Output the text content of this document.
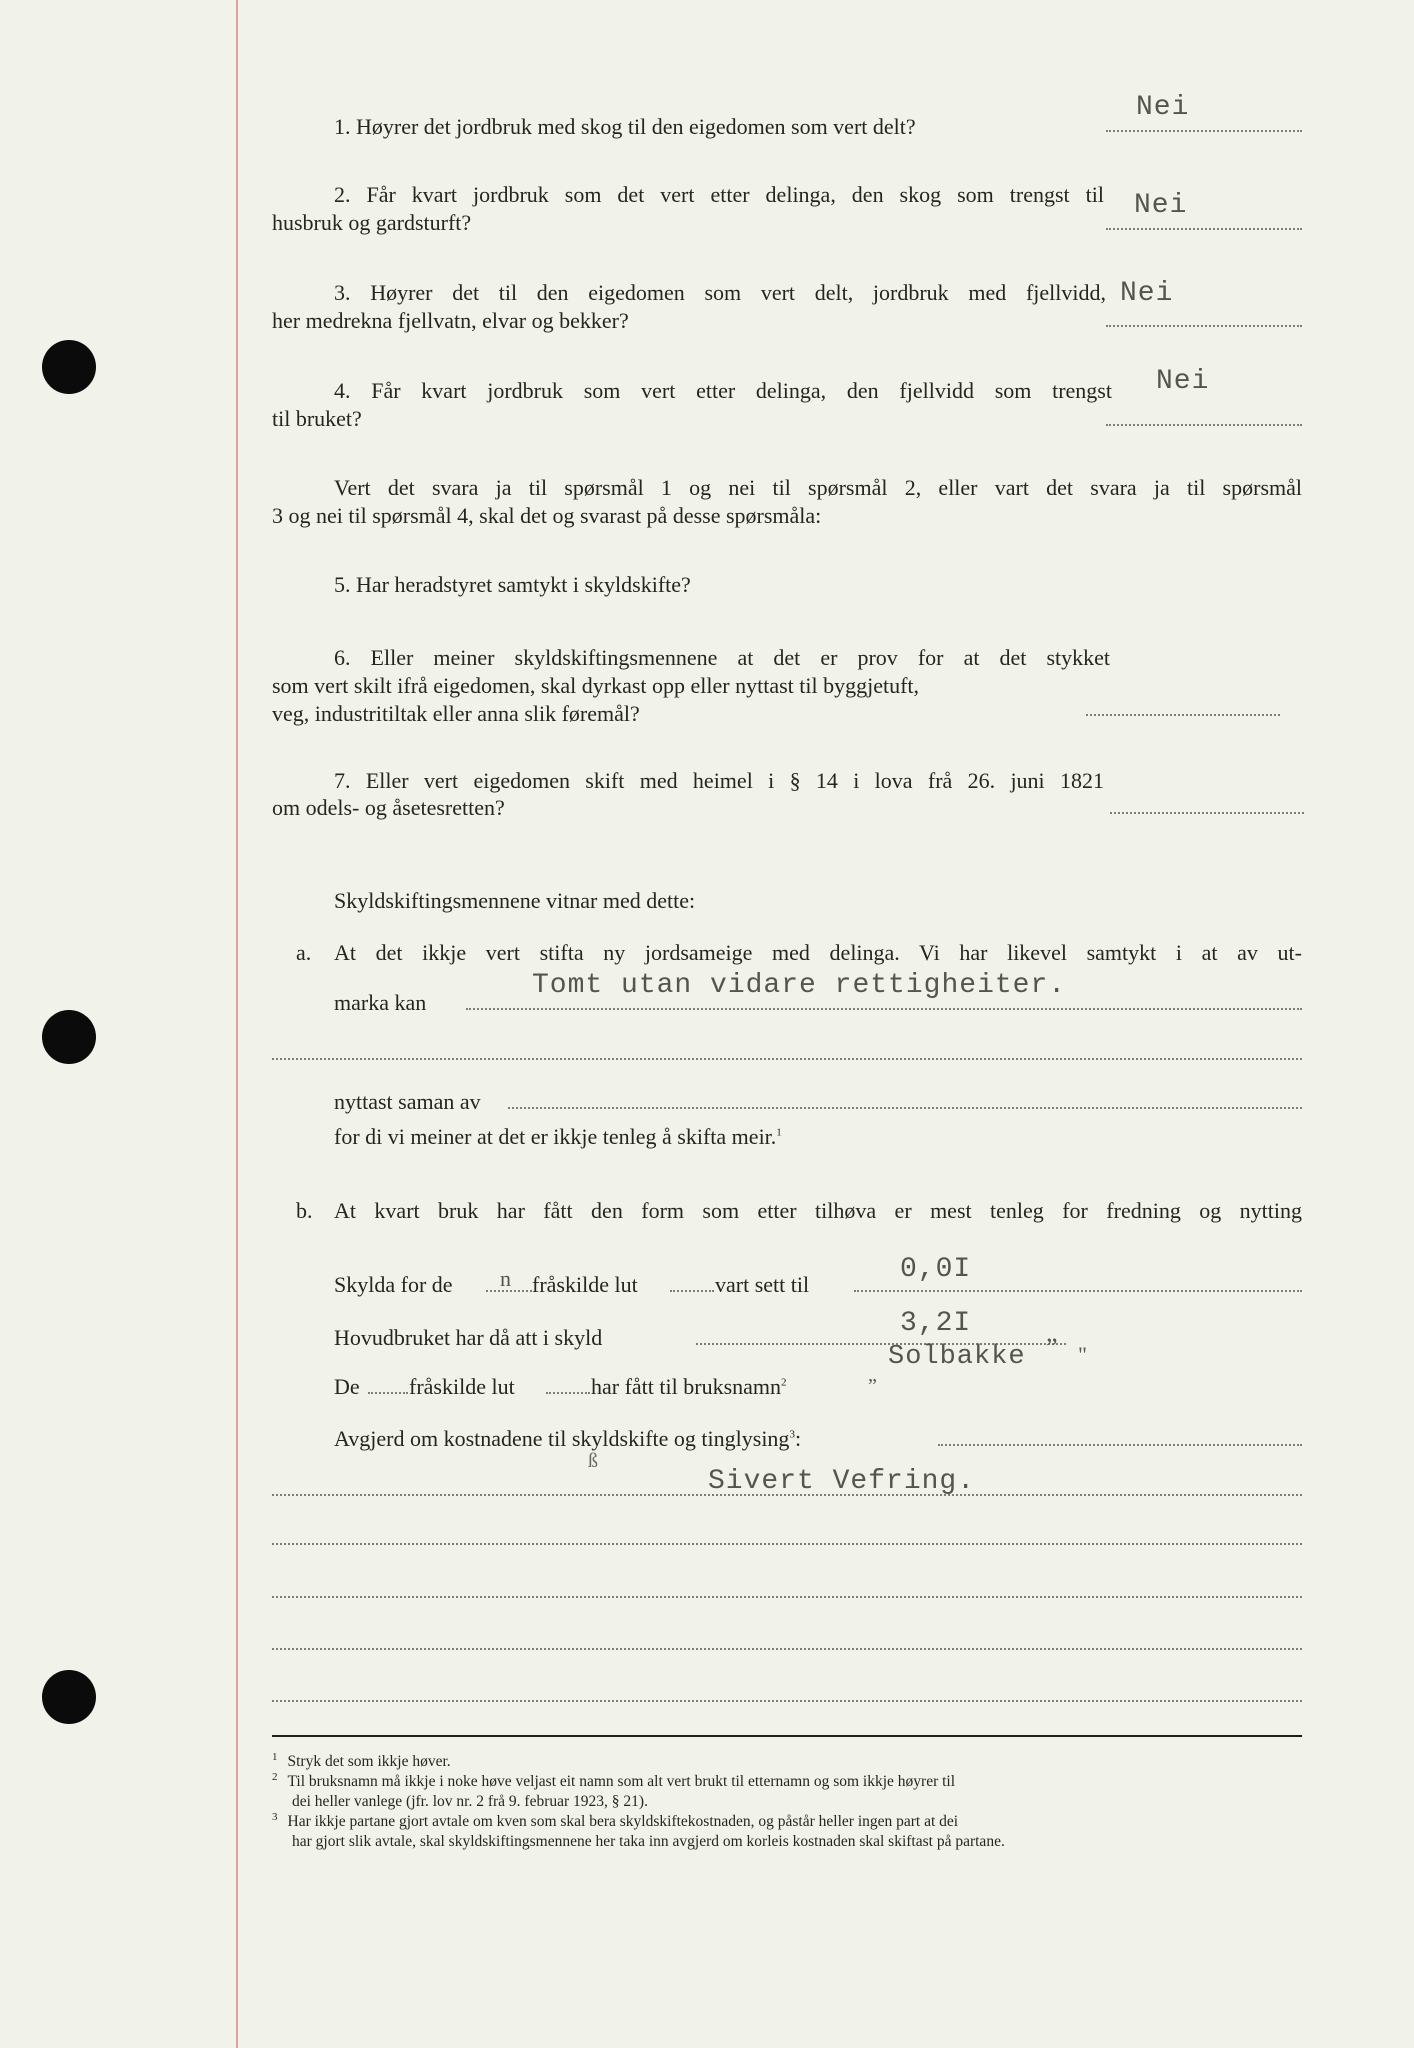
1. Høyrer det jordbruk med skog til den eigedomen som vert delt?
Nei
2. Får kvart jordbruk som det vert etter delinga, den skog som trengst til
husbruk og gardsturft?
Nei
3. Høyrer det til den eigedomen som vert delt, jordbruk med fjellvidd,
her medrekna fjellvatn, elvar og bekker?
Nei
4. Får kvart jordbruk som vert etter delinga, den fjellvidd som trengst
til bruket?
Nei
Vert det svara ja til spørsmål 1 og nei til spørsmål 2, eller vart det svara ja til spørsmål
3 og nei til spørsmål 4, skal det og svarast på desse spørsmåla:
5. Har heradstyret samtykt i skyldskifte?
6. Eller meiner skyldskiftingsmennene at det er prov for at det stykket
som vert skilt ifrå eigedomen, skal dyrkast opp eller nyttast til byggjetuft,
veg, industritiltak eller anna slik føremål?
7. Eller vert eigedomen skift med heimel i § 14 i lova frå 26. juni 1821
om odels- og åsetesretten?
Skyldskiftingsmennene vitnar med dette:
a. At det ikkje vert stifta ny jordsameige med delinga. Vi har likevel samtykt i at av ut-
marka kan
Tomt utan vidare rettigheiter.
nyttast saman av
for di vi meiner at det er ikkje tenleg å skifta meir.$^1$
b. At kvart bruk har fått den form som etter tilhøva er mest tenleg for fredning og nytting
Skylda for de n fråskilde lut	vart sett til	0,0I
Hovudbruket har då att i skyld	3,2I	„
De fråskilde lut	har fått til bruksnamn$^2$	„
Solbakke "
Avgjerd om kostnadene til skyldskifte og tinglysing$^3$:
ß
Sivert Vefring.
$^1$ Stryk det som ikkje høver.
$^2$ Til bruksnamn må ikkje i noke høve veljast eit namn som alt vert brukt til etternamn og som ikkje høyrer til
dei heller vanlege (jfr. lov nr. 2 frå 9. februar 1923, § 21).
$^3$ Har ikkje partane gjort avtale om kven som skal bera skyldskiftekostnaden, og påstår heller ingen part at dei
har gjort slik avtale, skal skyldskiftingsmennene her taka inn avgjerd om korleis kostnaden skal skiftast på partane.
